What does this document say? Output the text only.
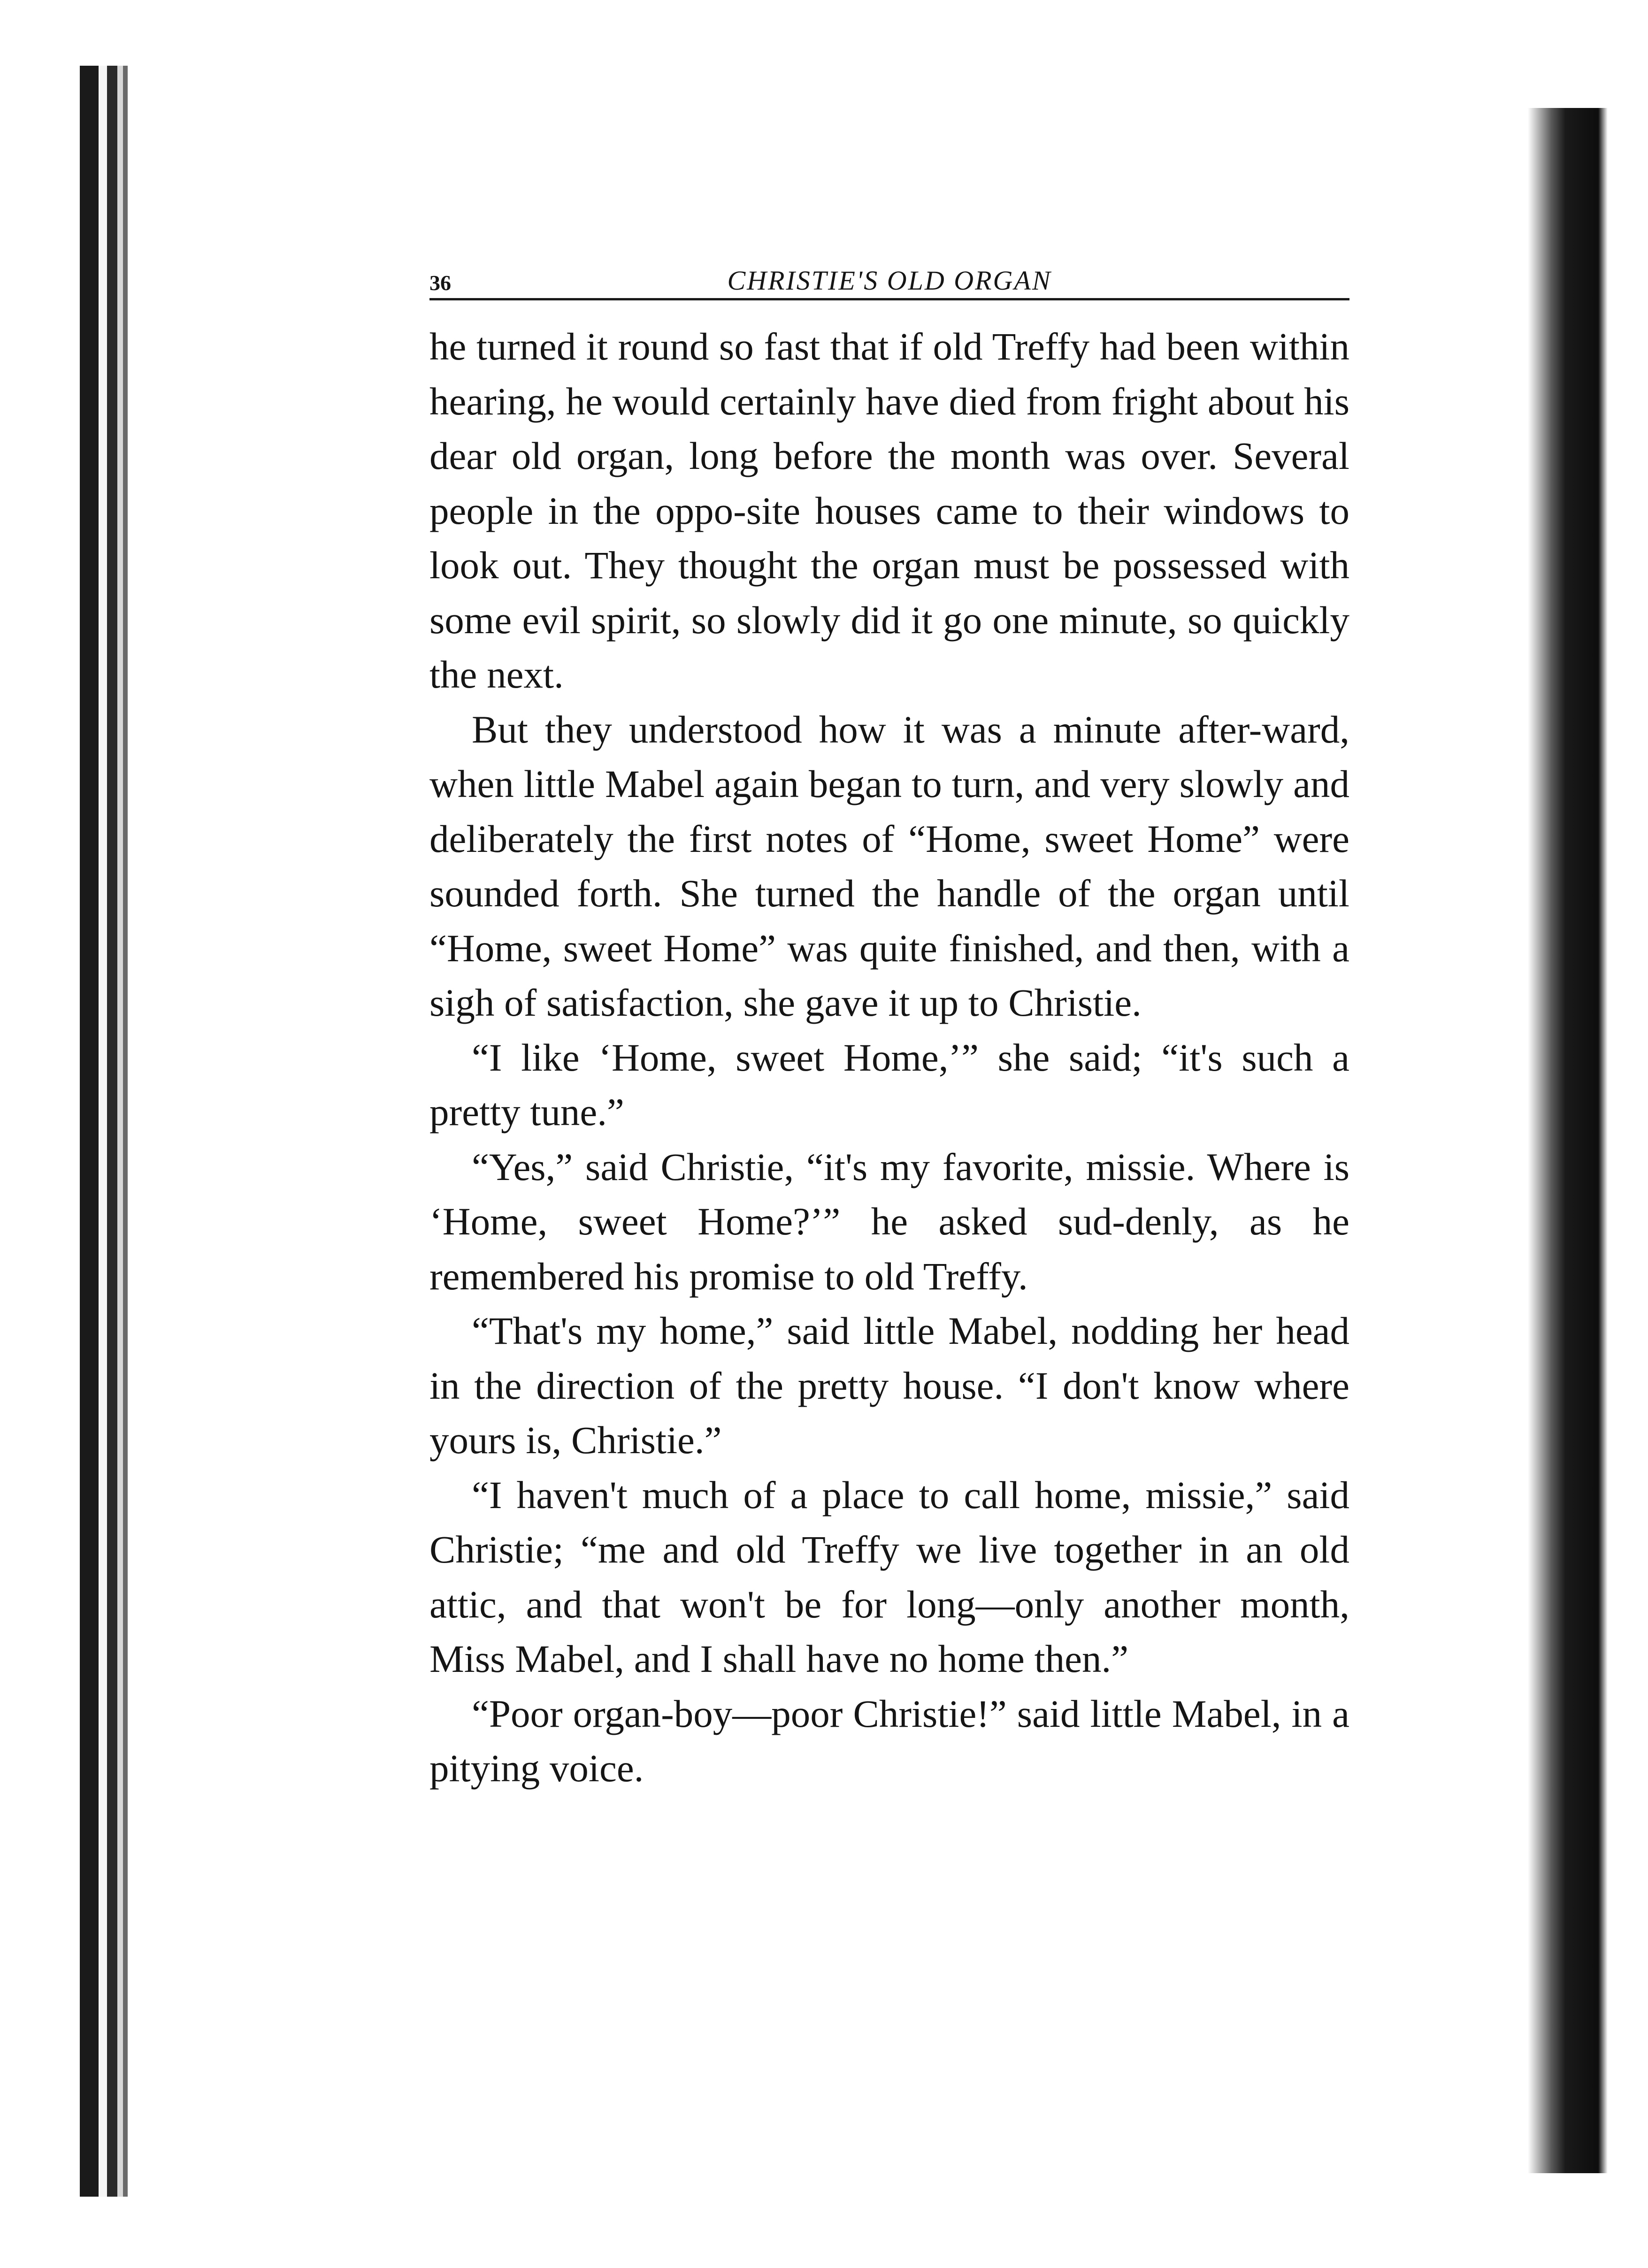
36	CHRISTIE'S OLD ORGAN

he turned it round so fast that if old Treffy had been within hearing, he would certainly have died from fright about his dear old organ, long before the month was over. Several people in the oppo-site houses came to their windows to look out. They thought the organ must be possessed with some evil spirit, so slowly did it go one minute, so quickly the next.

But they understood how it was a minute after-ward, when little Mabel again began to turn, and very slowly and deliberately the first notes of “Home, sweet Home” were sounded forth. She turned the handle of the organ until “Home, sweet Home” was quite finished, and then, with a sigh of satisfaction, she gave it up to Christie.

“I like ‘Home, sweet Home,’” she said; “it's such a pretty tune.”

“Yes,” said Christie, “it's my favorite, missie. Where is ‘Home, sweet Home?’” he asked sud-denly, as he remembered his promise to old Treffy.

“That's my home,” said little Mabel, nodding her head in the direction of the pretty house. “I don't know where yours is, Christie.”

“I haven't much of a place to call home, missie,” said Christie; “me and old Treffy we live together in an old attic, and that won't be for long—only another month, Miss Mabel, and I shall have no home then.”

“Poor organ-boy—poor Christie!” said little Mabel, in a pitying voice.
